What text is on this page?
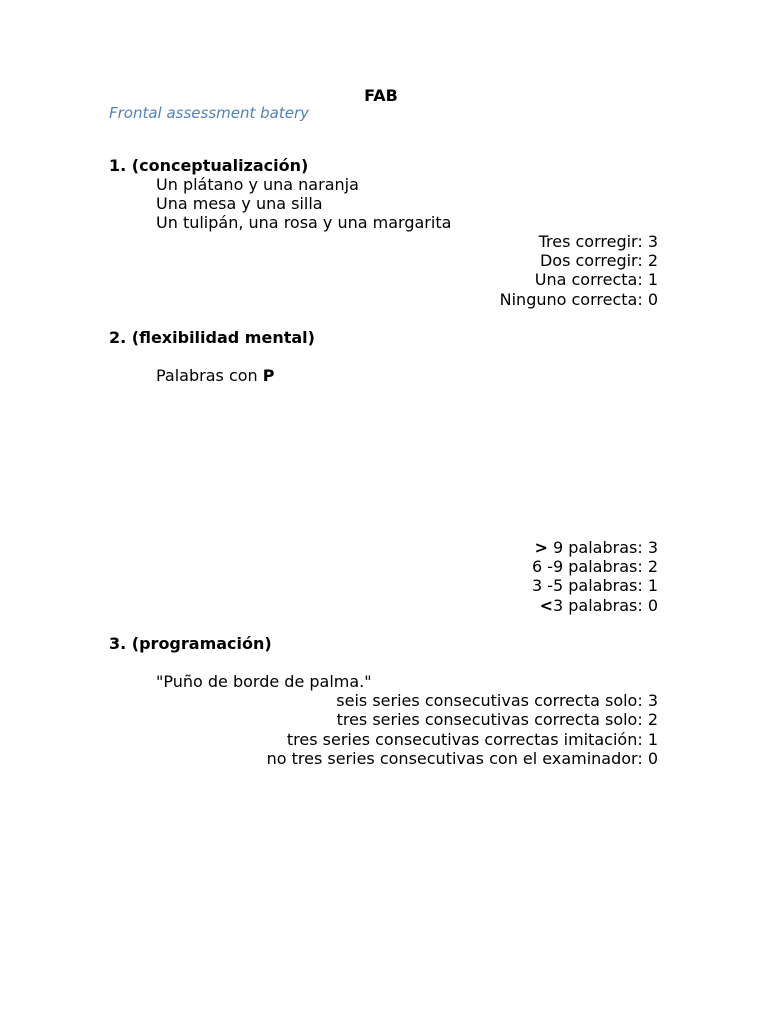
FAB
Frontal assessment batery
1. (conceptualización)
Un plátano y una naranja
Una mesa y una silla
Un tulipán, una rosa y una margarita
Tres corregir: 3
Dos corregir: 2
Una correcta: 1
Ninguno correcta: 0
2. (flexibilidad mental)
Palabras con P
> 9 palabras: 3
6 -9 palabras: 2
3 -5 palabras: 1
<3 palabras: 0
3. (programación)
"Puño de borde de palma."
seis series consecutivas correcta solo: 3
tres series consecutivas correcta solo: 2
tres series consecutivas correctas imitación: 1
no tres series consecutivas con el examinador: 0
